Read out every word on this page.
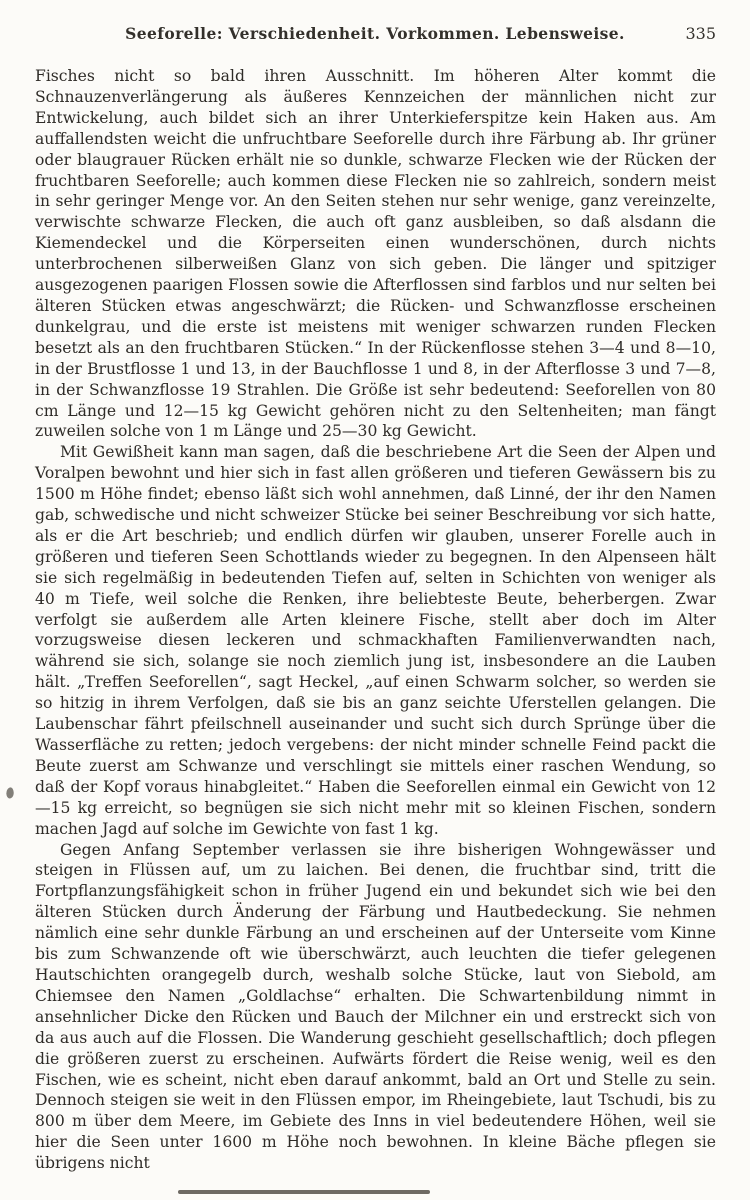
Seeforelle: Verschiedenheit. Vorkommen. Lebensweise.	335

Fisches nicht so bald ihren Ausschnitt. Im höheren Alter kommt die Schnauzenverlängerung als äußeres Kennzeichen der männlichen nicht zur Entwickelung, auch bildet sich an ihrer Unterkieferspitze kein Haken aus. Am auffallendsten weicht die unfruchtbare Seeforelle durch ihre Färbung ab. Ihr grüner oder blaugrauer Rücken erhält nie so dunkle, schwarze Flecken wie der Rücken der fruchtbaren Seeforelle; auch kommen diese Flecken nie so zahlreich, sondern meist in sehr geringer Menge vor. An den Seiten stehen nur sehr wenige, ganz vereinzelte, verwischte schwarze Flecken, die auch oft ganz ausbleiben, so daß alsdann die Kiemendeckel und die Körperseiten einen wunderschönen, durch nichts unterbrochenen silberweißen Glanz von sich geben. Die länger und spitziger ausgezogenen paarigen Flossen sowie die Afterflossen sind farblos und nur selten bei älteren Stücken etwas angeschwärzt; die Rücken- und Schwanzflosse erscheinen dunkelgrau, und die erste ist meistens mit weniger schwarzen runden Flecken besetzt als an den fruchtbaren Stücken.“ In der Rückenflosse stehen 3—4 und 8—10, in der Brustflosse 1 und 13, in der Bauchflosse 1 und 8, in der Afterflosse 3 und 7—8, in der Schwanzflosse 19 Strahlen. Die Größe ist sehr bedeutend: Seeforellen von 80 cm Länge und 12—15 kg Gewicht gehören nicht zu den Seltenheiten; man fängt zuweilen solche von 1 m Länge und 25—30 kg Gewicht.

Mit Gewißheit kann man sagen, daß die beschriebene Art die Seen der Alpen und Voralpen bewohnt und hier sich in fast allen größeren und tieferen Gewässern bis zu 1500 m Höhe findet; ebenso läßt sich wohl annehmen, daß Linné, der ihr den Namen gab, schwedische und nicht schweizer Stücke bei seiner Beschreibung vor sich hatte, als er die Art beschrieb; und endlich dürfen wir glauben, unserer Forelle auch in größeren und tieferen Seen Schottlands wieder zu begegnen. In den Alpenseen hält sie sich regelmäßig in bedeutenden Tiefen auf, selten in Schichten von weniger als 40 m Tiefe, weil solche die Renken, ihre beliebteste Beute, beherbergen. Zwar verfolgt sie außerdem alle Arten kleinere Fische, stellt aber doch im Alter vorzugsweise diesen leckeren und schmackhaften Familienverwandten nach, während sie sich, solange sie noch ziemlich jung ist, insbesondere an die Lauben hält. „Treffen Seeforellen“, sagt Heckel, „auf einen Schwarm solcher, so werden sie so hitzig in ihrem Verfolgen, daß sie bis an ganz seichte Uferstellen gelangen. Die Laubenschar fährt pfeilschnell auseinander und sucht sich durch Sprünge über die Wasserfläche zu retten; jedoch vergebens: der nicht minder schnelle Feind packt die Beute zuerst am Schwanze und verschlingt sie mittels einer raschen Wendung, so daß der Kopf voraus hinabgleitet.“ Haben die Seeforellen einmal ein Gewicht von 12—15 kg erreicht, so begnügen sie sich nicht mehr mit so kleinen Fischen, sondern machen Jagd auf solche im Gewichte von fast 1 kg.

Gegen Anfang September verlassen sie ihre bisherigen Wohngewässer und steigen in Flüssen auf, um zu laichen. Bei denen, die fruchtbar sind, tritt die Fortpflanzungsfähigkeit schon in früher Jugend ein und bekundet sich wie bei den älteren Stücken durch Änderung der Färbung und Hautbedeckung. Sie nehmen nämlich eine sehr dunkle Färbung an und erscheinen auf der Unterseite vom Kinne bis zum Schwanzende oft wie überschwärzt, auch leuchten die tiefer gelegenen Hautschichten orangegelb durch, weshalb solche Stücke, laut von Siebold, am Chiemsee den Namen „Goldlachse“ erhalten. Die Schwartenbildung nimmt in ansehnlicher Dicke den Rücken und Bauch der Milchner ein und erstreckt sich von da aus auch auf die Flossen. Die Wanderung geschieht gesellschaftlich; doch pflegen die größeren zuerst zu erscheinen. Aufwärts fördert die Reise wenig, weil es den Fischen, wie es scheint, nicht eben darauf ankommt, bald an Ort und Stelle zu sein. Dennoch steigen sie weit in den Flüssen empor, im Rheingebiete, laut Tschudi, bis zu 800 m über dem Meere, im Gebiete des Inns in viel bedeutendere Höhen, weil sie hier die Seen unter 1600 m Höhe noch bewohnen. In kleine Bäche pflegen sie übrigens nicht
